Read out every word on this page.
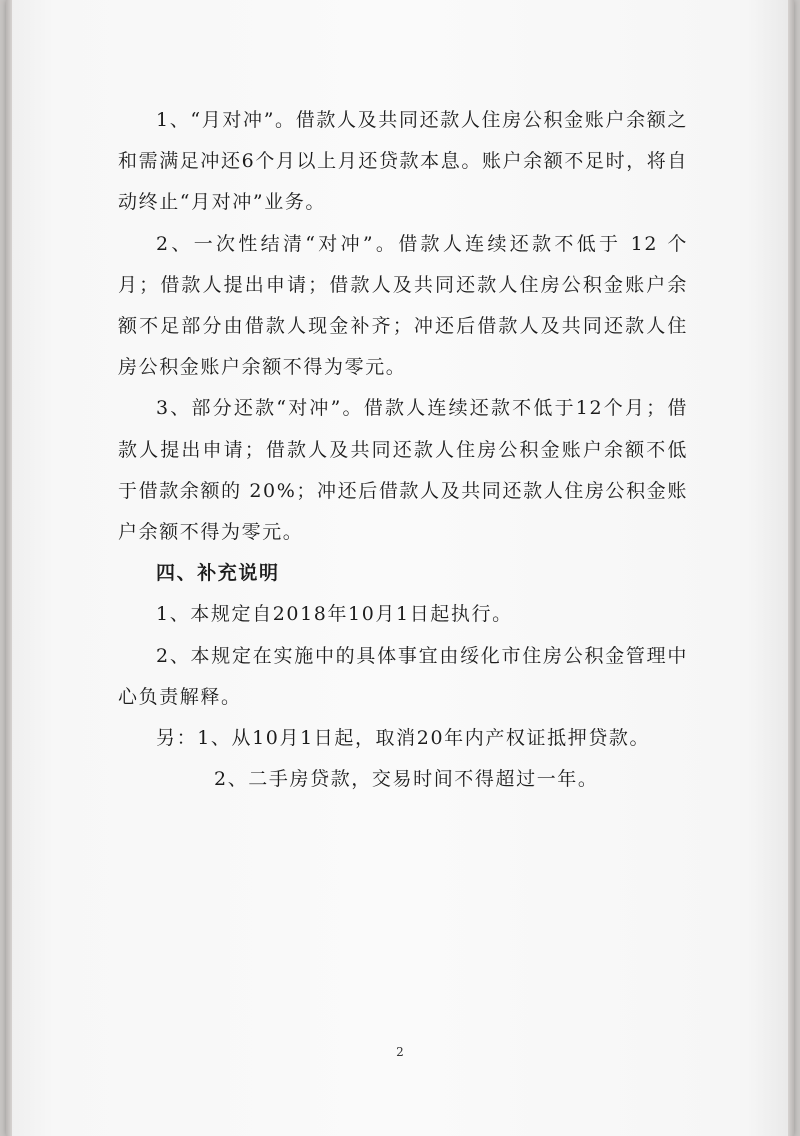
1、“月对冲”。借款人及共同还款人住房公积金账户余额之和需满足冲还6个月以上月还贷款本息。账户余额不足时，将自动终止“月对冲”业务。

2、一次性结清“对冲”。借款人连续还款不低于 12 个月；借款人提出申请；借款人及共同还款人住房公积金账户余额不足部分由借款人现金补齐；冲还后借款人及共同还款人住房公积金账户余额不得为零元。

3、部分还款“对冲”。借款人连续还款不低于12个月；借款人提出申请；借款人及共同还款人住房公积金账户余额不低于借款余额的 20%；冲还后借款人及共同还款人住房公积金账户余额不得为零元。

四、补充说明

1、本规定自2018年10月1日起执行。

2、本规定在实施中的具体事宜由绥化市住房公积金管理中心负责解释。

另：1、从10月1日起，取消20年内产权证抵押贷款。

2、二手房贷款，交易时间不得超过一年。

2
